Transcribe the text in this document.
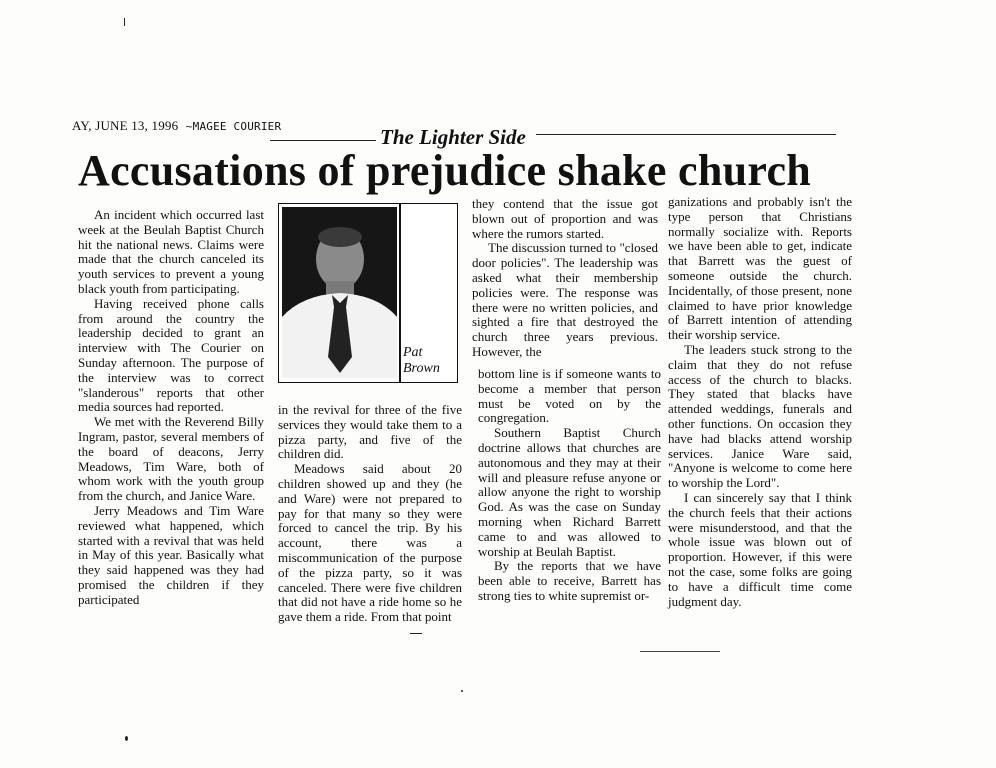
AY, JUNE 13, 1996 ~MAGEE COURIER	The Lighter Side
Accusations of prejudice shake church

An incident which occurred last week at the Beulah Baptist Church hit the national news. Claims were made that the church canceled its youth services to prevent a young black youth from participating.

Having received phone calls from around the country the leadership decided to grant an interview with The Courier on Sunday afternoon. The purpose of the interview was to correct "slanderous" reports that other media sources had reported.

We met with the Reverend Billy Ingram, pastor, several members of the board of deacons, Jerry Meadows, Tim Ware, both of whom work with the youth group from the church, and Janice Ware.

Jerry Meadows and Tim Ware reviewed what happened, which started with a revival that was held in May of this year. Basically what they said happened was they had promised the children if they participated

Pat
Brown

in the revival for three of the five services they would take them to a pizza party, and five of the children did.

Meadows said about 20 children showed up and they (he and Ware) were not prepared to pay for that many so they were forced to cancel the trip. By his account, there was a miscommunication of the purpose of the pizza party, so it was canceled. There were five children that did not have a ride home so he gave them a ride. From that point

they contend that the issue got blown out of proportion and was where the rumors started.

The discussion turned to "closed door policies". The leadership was asked what their membership policies were. The response was there were no written policies, and sighted a fire that destroyed the church three years previous. However, the

bottom line is if someone wants to become a member that person must be voted on by the congregation.

Southern Baptist Church doctrine allows that churches are autonomous and they may at their will and pleasure refuse anyone or allow anyone the right to worship God. As was the case on Sunday morning when Richard Barrett came to and was allowed to worship at Beulah Baptist.

By the reports that we have been able to receive, Barrett has strong ties to white supremist or-

ganizations and probably isn't the type person that Christians normally socialize with. Reports we have been able to get, indicate that Barrett was the guest of someone outside the church. Incidentally, of those present, none claimed to have prior knowledge of Barrett intention of attending their worship service.

The leaders stuck strong to the claim that they do not refuse access of the church to blacks. They stated that blacks have attended weddings, funerals and other functions. On occasion they have had blacks attend worship services. Janice Ware said, "Anyone is welcome to come here to worship the Lord".

I can sincerely say that I think the church feels that their actions were misunderstood, and that the whole issue was blown out of proportion. However, if this were not the case, some folks are going to have a difficult time come judgment day.
